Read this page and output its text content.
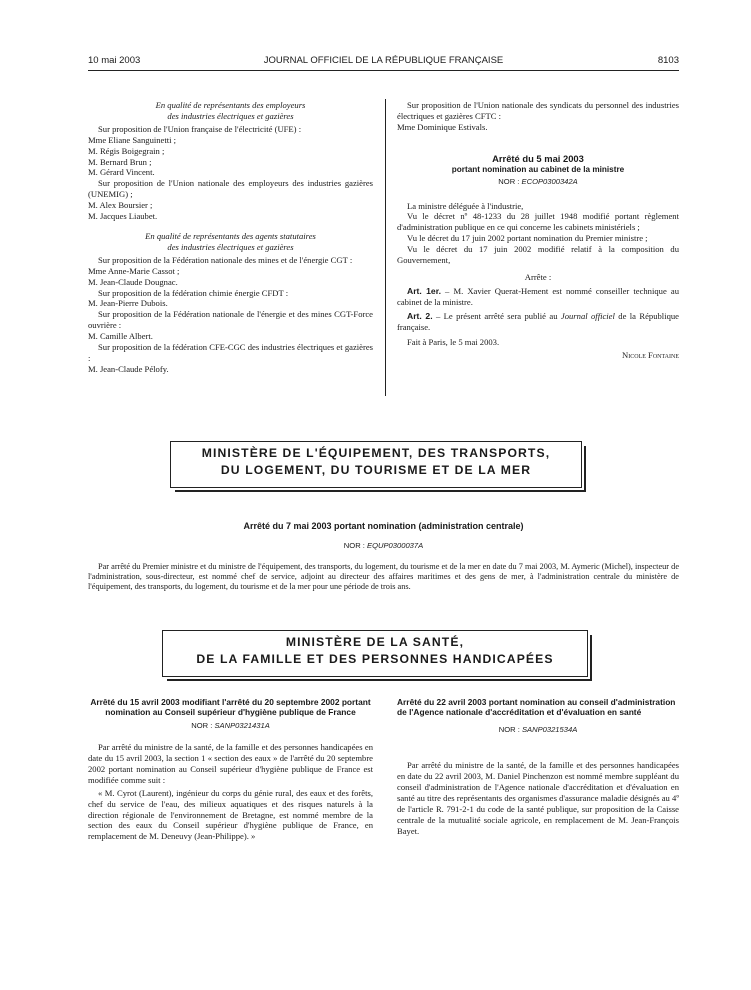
10 mai 2003	JOURNAL OFFICIEL DE LA RÉPUBLIQUE FRANÇAISE	8103

En qualité de représentants des employeurs
des industries électriques et gazières

Sur proposition de l'Union française de l'électricité (UFE) :

Mme Eliane Sanguinetti ;

M. Régis Boigegrain ;

M. Bernard Brun ;

M. Gérard Vincent.

Sur proposition de l'Union nationale des employeurs des industries gazières (UNEMIG) ;

M. Alex Boursier ;

M. Jacques Liaubet.

En qualité de représentants des agents statutaires
des industries électriques et gazières

Sur proposition de la Fédération nationale des mines et de l'énergie CGT :

Mme Anne-Marie Cassot ;

M. Jean-Claude Dougnac.

Sur proposition de la fédération chimie énergie CFDT :

M. Jean-Pierre Dubois.

Sur proposition de la Fédération nationale de l'énergie et des mines CGT-Force ouvrière :

M. Camille Albert.

Sur proposition de la fédération CFE-CGC des industries électriques et gazières :

M. Jean-Claude Pélofy.

Sur proposition de l'Union nationale des syndicats du personnel des industries électriques et gazières CFTC :

Mme Dominique Estivals.

Arrêté du 5 mai 2003

portant nomination au cabinet de la ministre

NOR : ECOP0300342A

La ministre déléguée à l'industrie,

Vu le décret nº 48-1233 du 28 juillet 1948 modifié portant règlement d'administration publique en ce qui concerne les cabinets ministériels ;

Vu le décret du 17 juin 2002 portant nomination du Premier ministre ;

Vu le décret du 17 juin 2002 modifié relatif à la composition du Gouvernement,

Arrête :

Art. 1er. – M. Xavier Querat-Hement est nommé conseiller technique au cabinet de la ministre.

Art. 2. – Le présent arrêté sera publié au Journal officiel de la République française.

Fait à Paris, le 5 mai 2003.

Nicole Fontaine

MINISTÈRE DE L'ÉQUIPEMENT, DES TRANSPORTS,
DU LOGEMENT, DU TOURISME ET DE LA MER

Arrêté du 7 mai 2003 portant nomination (administration centrale)

NOR : EQUP0300037A

Par arrêté du Premier ministre et du ministre de l'équipement, des transports, du logement, du tourisme et de la mer en date du 7 mai 2003, M. Aymeric (Michel), inspecteur de l'administration, sous-directeur, est nommé chef de service, adjoint au directeur des affaires maritimes et des gens de mer, à l'administration centrale du ministère de l'équipement, des transports, du logement, du tourisme et de la mer pour une période de trois ans.

MINISTÈRE DE LA SANTÉ,
DE LA FAMILLE ET DES PERSONNES HANDICAPÉES

Arrêté du 15 avril 2003 modifiant l'arrêté du 20 septembre 2002 portant nomination au Conseil supérieur d'hygiène publique de France

NOR : SANP0321431A

Par arrêté du ministre de la santé, de la famille et des personnes handicapées en date du 15 avril 2003, la section 1 « section des eaux » de l'arrêté du 20 septembre 2002 portant nomination au Conseil supérieur d'hygiène publique de France est modifiée comme suit :

« M. Cyrot (Laurent), ingénieur du corps du génie rural, des eaux et des forêts, chef du service de l'eau, des milieux aquatiques et des risques naturels à la direction régionale de l'environnement de Bretagne, est nommé membre de la section des eaux du Conseil supérieur d'hygiène publique de France, en remplacement de M. Deneuvy (Jean-Philippe). »

Arrêté du 22 avril 2003 portant nomination au conseil d'administration de l'Agence nationale d'accréditation et d'évaluation en santé

NOR : SANP0321534A

Par arrêté du ministre de la santé, de la famille et des personnes handicapées en date du 22 avril 2003, M. Daniel Pinchenzon est nommé membre suppléant du conseil d'administration de l'Agence nationale d'accréditation et d'évaluation en santé au titre des représentants des organismes d'assurance maladie désignés au 4º de l'article R. 791-2-1 du code de la santé publique, sur proposition de la Caisse centrale de la mutualité sociale agricole, en remplacement de M. Jean-François Bayet.
